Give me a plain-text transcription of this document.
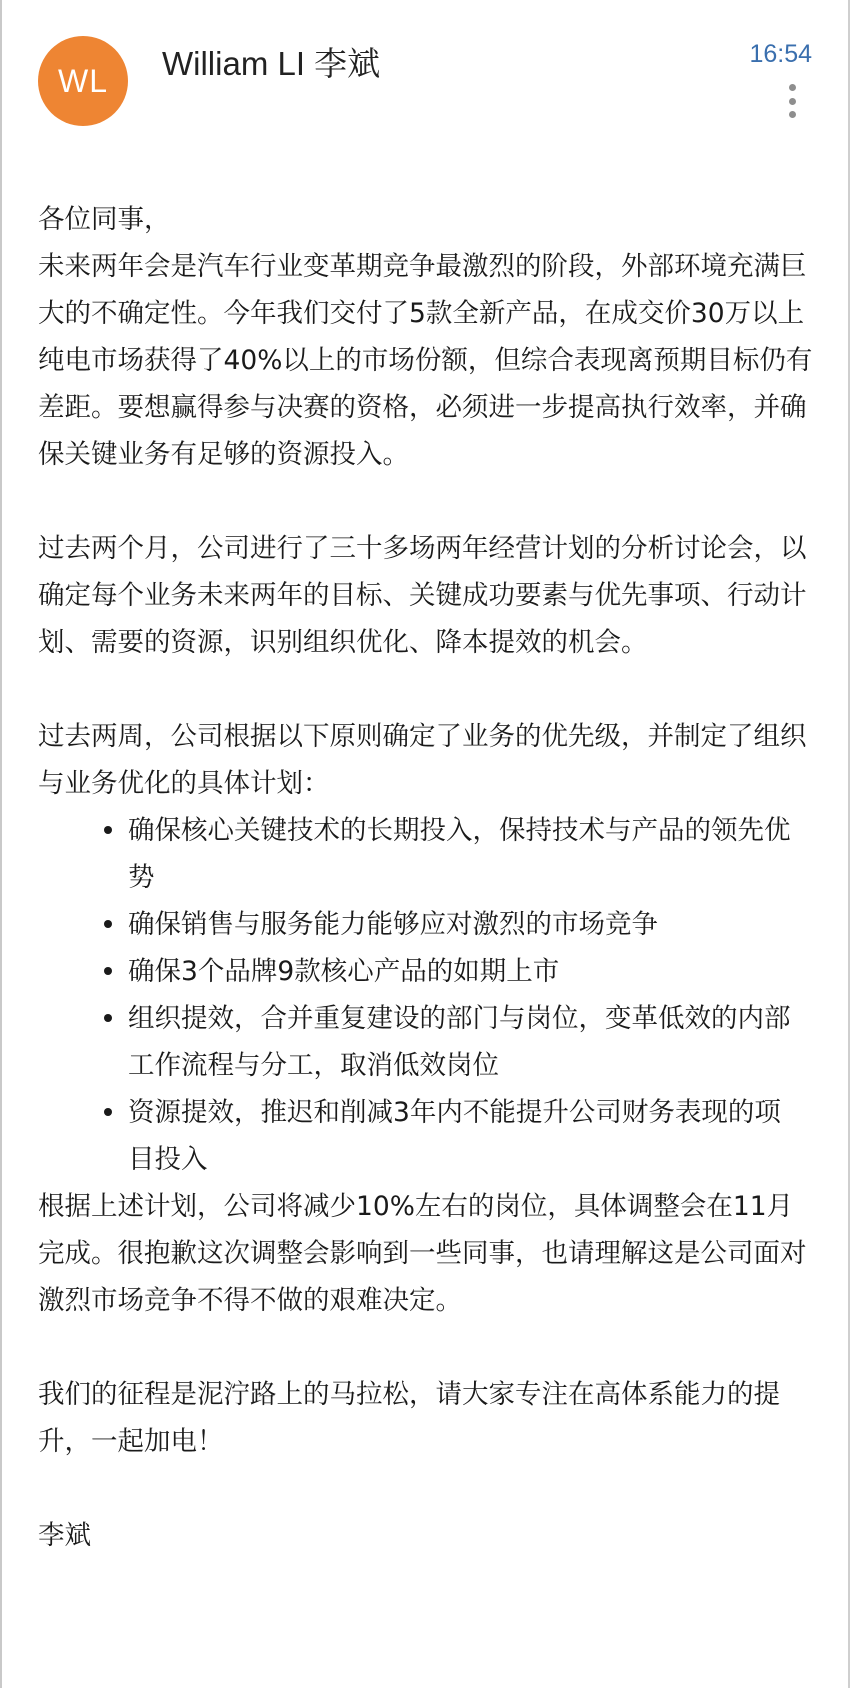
WL William LI 李斌	16:54

各位同事，

未来两年会是汽车行业变革期竞争最激烈的阶段，外部环境充满巨大的不确定性。今年我们交付了5款全新产品，在成交价30万以上纯电市场获得了40%以上的市场份额，但综合表现离预期目标仍有差距。要想赢得参与决赛的资格，必须进一步提高执行效率，并确保关键业务有足够的资源投入。

过去两个月，公司进行了三十多场两年经营计划的分析讨论会，以确定每个业务未来两年的目标、关键成功要素与优先事项、行动计划、需要的资源，识别组织优化、降本提效的机会。

过去两周，公司根据以下原则确定了业务的优先级，并制定了组织与业务优化的具体计划：

确保核心关键技术的长期投入，保持技术与产品的领先优势
确保销售与服务能力能够应对激烈的市场竞争
确保3个品牌9款核心产品的如期上市
组织提效，合并重复建设的部门与岗位，变革低效的内部工作流程与分工，取消低效岗位
资源提效，推迟和削减3年内不能提升公司财务表现的项目投入

根据上述计划，公司将减少10%左右的岗位，具体调整会在11月完成。很抱歉这次调整会影响到一些同事，也请理解这是公司面对激烈市场竞争不得不做的艰难决定。

我们的征程是泥泞路上的马拉松，请大家专注在高体系能力的提升，一起加电！

李斌
